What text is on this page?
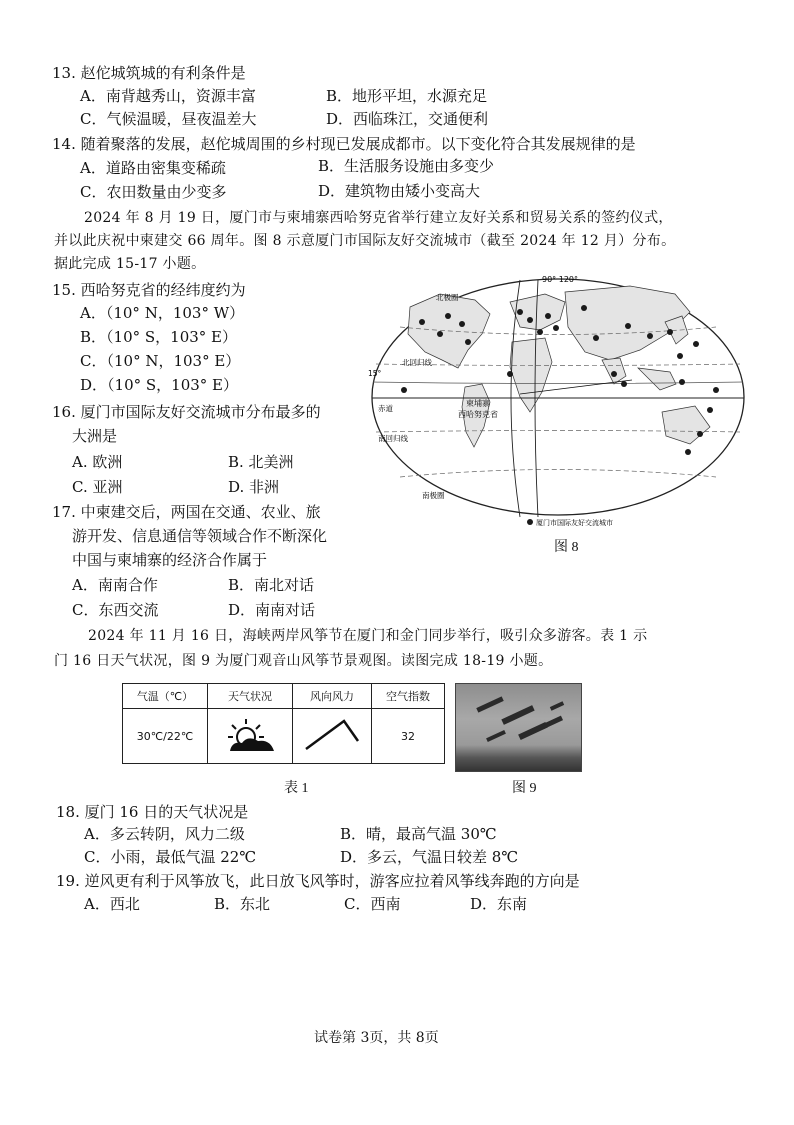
13. 赵佗城筑城的有利条件是
A．南背越秀山，资源丰富	B．地形平坦，水源充足
C．气候温暖，昼夜温差大	D．西临珠江，交通便利
14. 随着聚落的发展，赵佗城周围的乡村现已发展成都市。以下变化符合其发展规律的是
A．道路由密集变稀疏	B．生活服务设施由多变少
C．农田数量由少变多	D．建筑物由矮小变高大
2024 年 8 月 19 日，厦门市与柬埔寨西哈努克省举行建立友好关系和贸易关系的签约仪式，
并以此庆祝中柬建交 66 周年。图 8 示意厦门市国际友好交流城市（截至 2024 年 12 月）分布。
据此完成 15-17 小题。
15. 西哈努克省的经纬度约为
A．（10° N，103° W）
B．（10° S，103° E）
C．（10° N，103° E）
D．（10° S，103° E）
16. 厦门市国际友好交流城市分布最多的
大洲是
A. 欧洲	B. 北美洲
C. 亚洲	D. 非洲
17. 中柬建交后，两国在交通、农业、旅
游开发、信息通信等领域合作不断深化
中国与柬埔寨的经济合作属于
A．南南合作	B．南北对话
C．东西交流	D．南南对话
90° 120°
北极圈
北回归线
15°
赤道
南回归线
南极圈
柬埔寨
西哈努克省
厦门市国际友好交流城市
图 8
2024 年 11 月 16 日，海峡两岸风筝节在厦门和金门同步举行，吸引众多游客。表 1 示
门 16 日天气状况，图 9 为厦门观音山风筝节景观图。读图完成 18-19 小题。
气温（℃）	天气状况	风向风力	空气指数
30℃/22℃			32
表 1	图 9
18. 厦门 16 日的天气状况是
A．多云转阴，风力二级	B．晴，最高气温 30℃
C．小雨，最低气温 22℃	D．多云，气温日较差 8℃
19. 逆风更有利于风筝放飞，此日放飞风筝时，游客应拉着风筝线奔跑的方向是
A．西北	B．东北	C．西南	D．东南
试卷第 3页，共 8页
